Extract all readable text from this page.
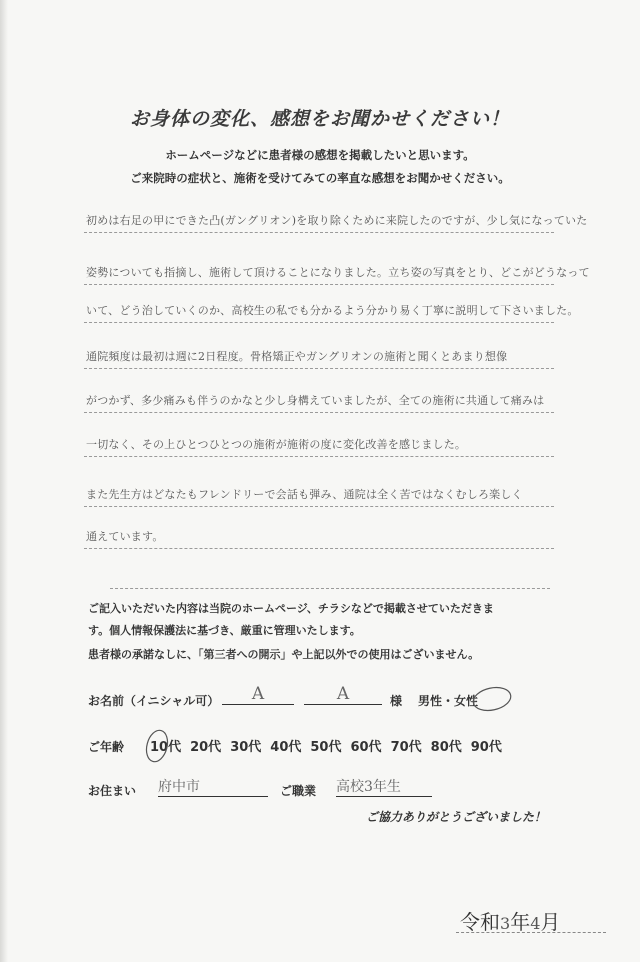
お身体の変化、感想をお聞かせください！
ホームページなどに患者様の感想を掲載したいと思います。
ご来院時の症状と、施術を受けてみての率直な感想をお聞かせください。
初めは右足の甲にできた凸(ガングリオン)を取り除くために来院したのですが、少し気になっていた
姿勢についても指摘し、施術して頂けることになりました。立ち姿の写真をとり、どこがどうなって
いて、どう治していくのか、高校生の私でも分かるよう分かり易く丁寧に説明して下さいました。
通院頻度は最初は週に2日程度。骨格矯正やガングリオンの施術と聞くとあまり想像
がつかず、多少痛みも伴うのかなと少し身構えていましたが、全ての施術に共通して痛みは
一切なく、その上ひとつひとつの施術が施術の度に変化改善を感じました。
また先生方はどなたもフレンドリーで会話も弾み、通院は全く苦ではなくむしろ楽しく
通えています。
ご記入いただいた内容は当院のホームページ、チラシなどで掲載させていただきま
す。個人情報保護法に基づき、厳重に管理いたします。
患者様の承諾なしに、「第三者への開示」や上記以外での使用はございません。
お名前（イニシャル可）	A	A	様 男性・女性
ご年齢 10代 20代 30代 40代 50代 60代 70代 80代 90代
お住まい 府中市	ご職業 高校3年生
ご協力ありがとうございました！
令和3年4月
